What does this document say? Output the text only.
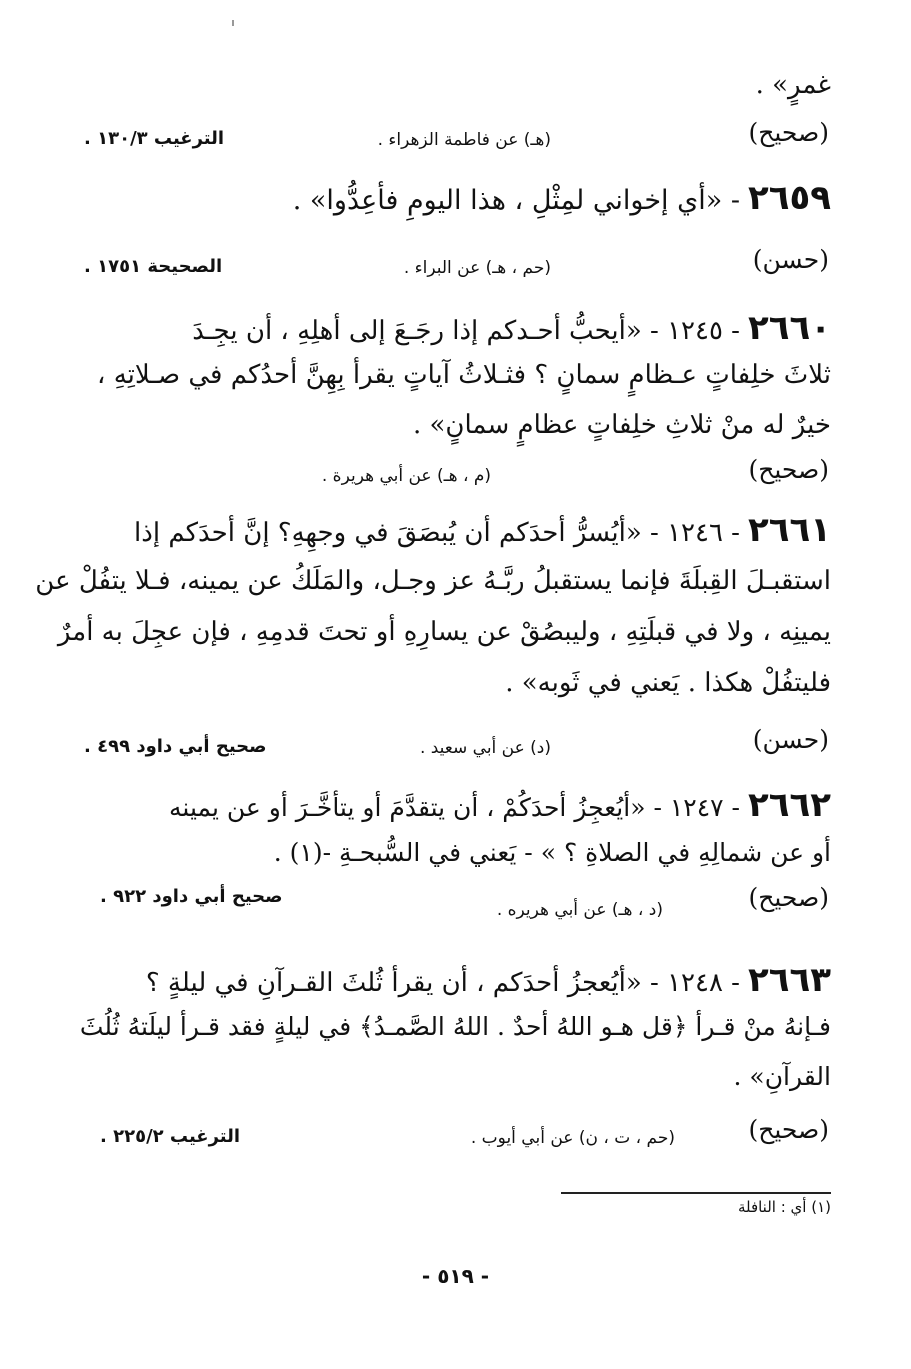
غمرٍ» .
(صحيح)
(هـ) عن فاطمة الزهراء .
الترغيب ١٣٠/٣ .
٢٦٥٩
- «أي إخواني لمِثْلِ ، هذا اليومِ فأعِدُّوا» .
(حسن)
(حم ، هـ) عن البراء .
الصحيحة ١٧٥١ .
٢٦٦٠
- ١٢٤٥ - «أيحبُّ أحـدكم إذا رجَـعَ إلى أهلِهِ ، أن يجِـدَ
ثلاثَ خلِفاتٍ عـظامٍ سمانٍ ؟ فثـلاثُ آياتٍ يقرأ بِهِنَّ أحدُكم في صـلاتِهِ ،
خيرٌ له منْ ثلاثِ خلِفاتٍ عظامٍ سمانٍ» .
(صحيح)
(م ، هـ) عن أبي هريرة .
٢٦٦١
- ١٢٤٦ - «أيُسرُّ أحدَكم أن يُبصَقَ في وجهِهِ؟ إنَّ أحدَكم إذا
استقبـلَ القِبلَةَ فإنما يستقبلُ ربَّـهُ عز وجـل، والمَلَكُ عن يمينه، فـلا يتفُلْ عن
يمينِه ، ولا في قبلَتِهِ ، وليبصُقْ عن يسارِهِ أو تحتَ قدمِهِ ، فإن عجِلَ به أمرٌ
فليتفُلْ هكذا . يَعني في ثَوبه» .
(حسن)
(د) عن أبي سعيد .
صحيح أبي داود ٤٩٩ .
٢٦٦٢
- ١٢٤٧ - «أيُعجِزُ أحدَكُمْ ، أن يتقدَّمَ أو يتأخَّـرَ أو عن يمينه
أو عن شمالِهِ في الصلاةِ ؟ » - يَعني في السُّبحـةِ -(١) .
(صحيح)
(د ، هـ) عن أبي هريره .
صحيح أبي داود ٩٢٢ .
٢٦٦٣
- ١٢٤٨ - «أيُعجزُ أحدَكم ، أن يقرأ ثُلثَ القـرآنِ في ليلةٍ ؟
فـإنهُ منْ قـرأ ﴿قل هـو اللهُ أحدٌ . اللهُ الصَّمـدُ﴾ في ليلةٍ فقد قـرأ ليلَتهُ ثُلُثَ
القرآنِ» .
(صحيح)
(حم ، ت ، ن) عن أبي أيوب .
الترغيب ٢٢٥/٢ .
(١) أي : النافلة
- ٥١٩ -
